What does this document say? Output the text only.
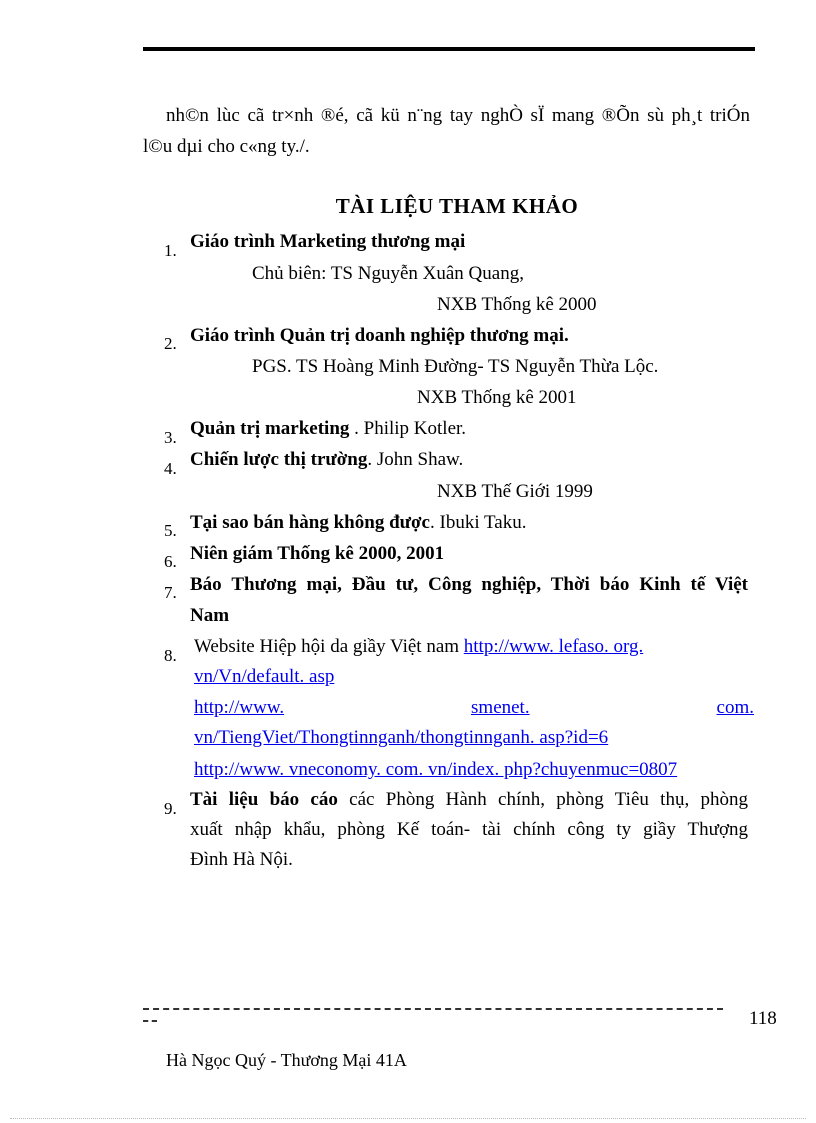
nh©n lùc cã tr×nh ®é, cã kü n¨ng tay nghÒ sÏ mang ®Õn sù ph¸t triÓn
l©u dµi cho c«ng ty./.
TÀI LIỆU THAM KHẢO
1. Giáo trình Marketing thương mại
Chủ biên: TS Nguyễn Xuân Quang,
NXB Thống kê 2000
2. Giáo trình Quản trị doanh nghiệp thương mại.
PGS. TS Hoàng Minh Đường- TS Nguyễn Thừa Lộc.
NXB Thống kê 2001
3. Quản trị marketing . Philip Kotler.
4. Chiến lược thị trường. John Shaw.
NXB Thế Giới 1999
5. Tại sao bán hàng không được. Ibuki Taku.
6. Niên giám Thống kê 2000, 2001
7. Báo Thương mại, Đầu tư, Công nghiệp, Thời báo Kinh tế Việt
Nam
8. Website Hiệp hội da giầy Việt nam http://www. lefaso. org.
vn/Vn/default. asp
http://www.	smenet.	com.
vn/TiengViet/Thongtinnganh/thongtinnganh. asp?id=6
http://www. vneconomy. com. vn/index. php?chuyenmuc=0807
9. Tài liệu báo cáo các Phòng Hành chính, phòng Tiêu thụ, phòng
xuất nhập khẩu, phòng Kế toán- tài chính công ty giầy Thượng
Đình Hà Nội.
118
Hà Ngọc Quý - Thương Mại 41A
